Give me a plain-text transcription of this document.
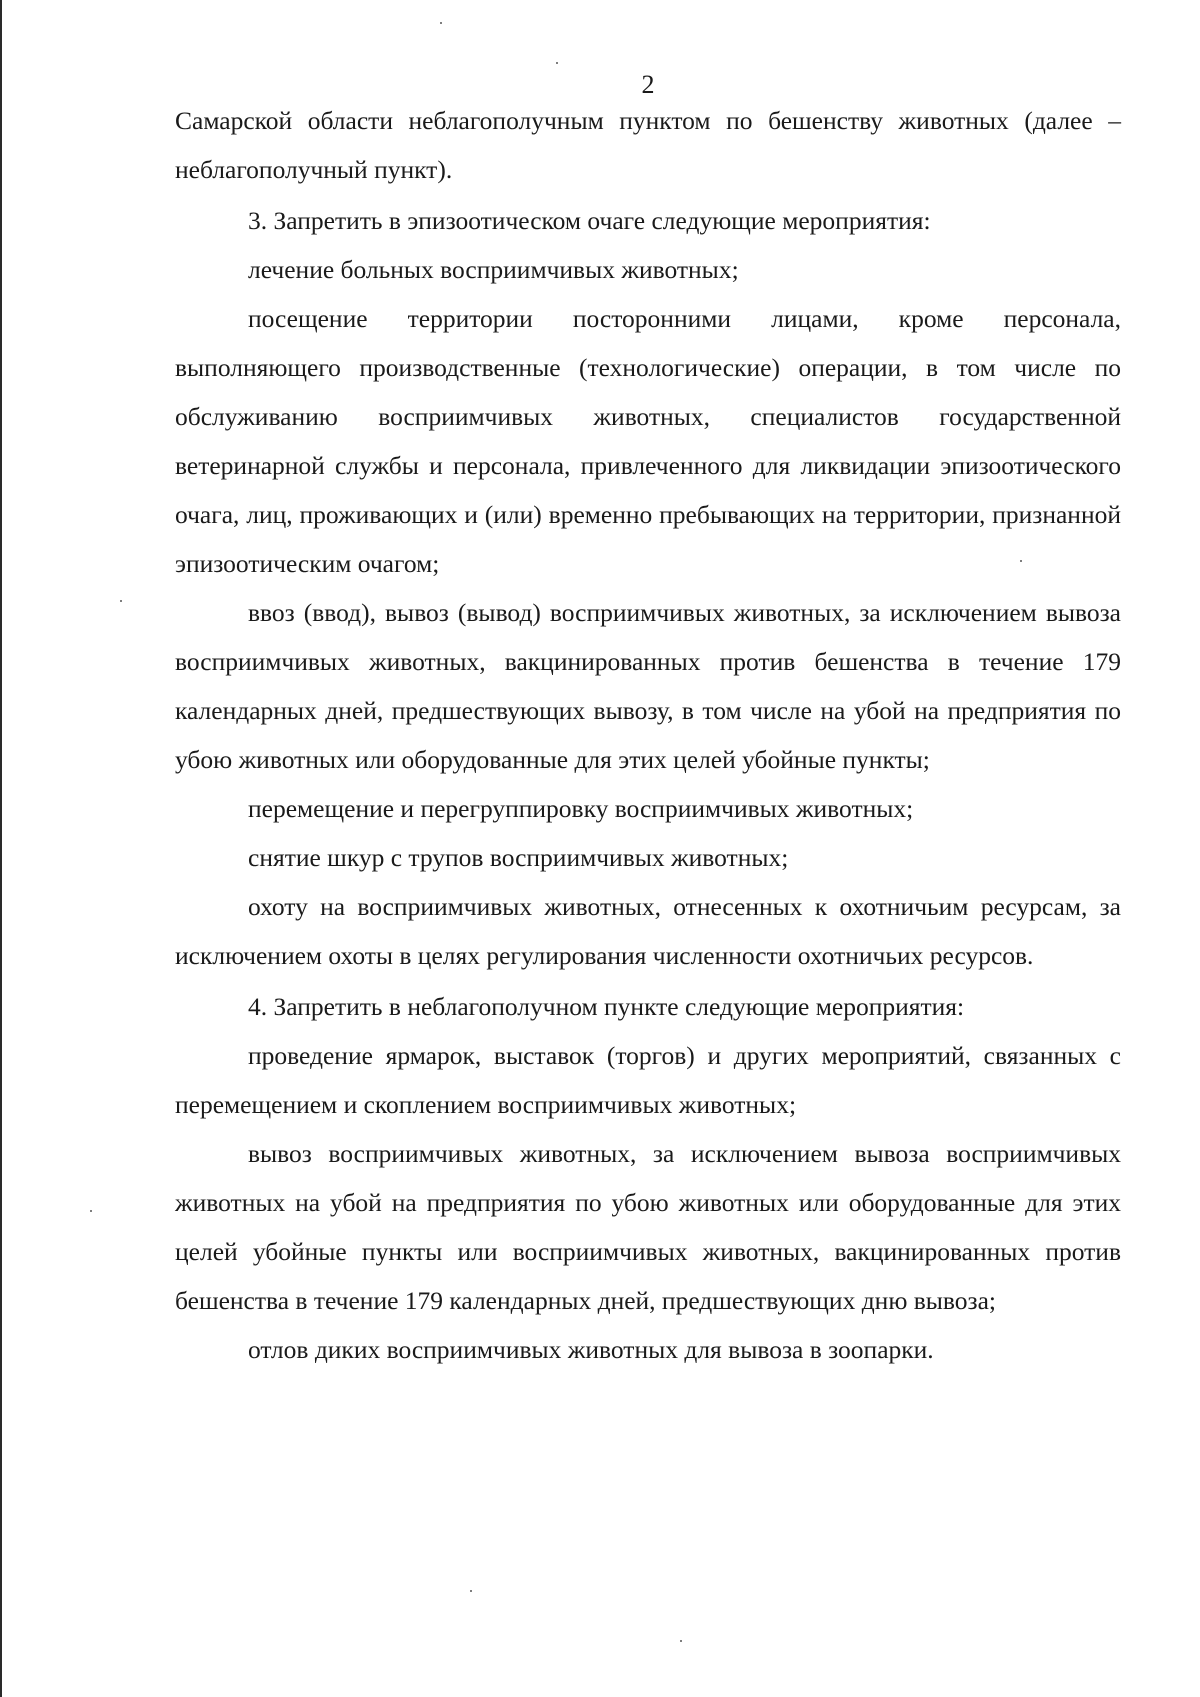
2

Самарской области неблагополучным пунктом по бешенству животных (далее – неблагополучный пункт).

3. Запретить в эпизоотическом очаге следующие мероприятия:

лечение больных восприимчивых животных;

посещение территории посторонними лицами, кроме персонала, выполняющего производственные (технологические) операции, в том числе по обслуживанию восприимчивых животных, специалистов государственной ветеринарной службы и персонала, привлеченного для ликвидации эпизоотического очага, лиц, проживающих и (или) временно пребывающих на территории, признанной эпизоотическим очагом;

ввоз (ввод), вывоз (вывод) восприимчивых животных, за исключением вывоза восприимчивых животных, вакцинированных против бешенства в течение 179 календарных дней, предшествующих вывозу, в том числе на убой на предприятия по убою животных или оборудованные для этих целей убойные пункты;

перемещение и перегруппировку восприимчивых животных;

снятие шкур с трупов восприимчивых животных;

охоту на восприимчивых животных, отнесенных к охотничьим ресурсам, за исключением охоты в целях регулирования численности охотничьих ресурсов.

4. Запретить в неблагополучном пункте следующие мероприятия:

проведение ярмарок, выставок (торгов) и других мероприятий, связанных с перемещением и скоплением восприимчивых животных;

вывоз восприимчивых животных, за исключением вывоза восприимчивых животных на убой на предприятия по убою животных или оборудованные для этих целей убойные пункты или восприимчивых животных, вакцинированных против бешенства в течение 179 календарных дней, предшествующих дню вывоза;

отлов диких восприимчивых животных для вывоза в зоопарки.
